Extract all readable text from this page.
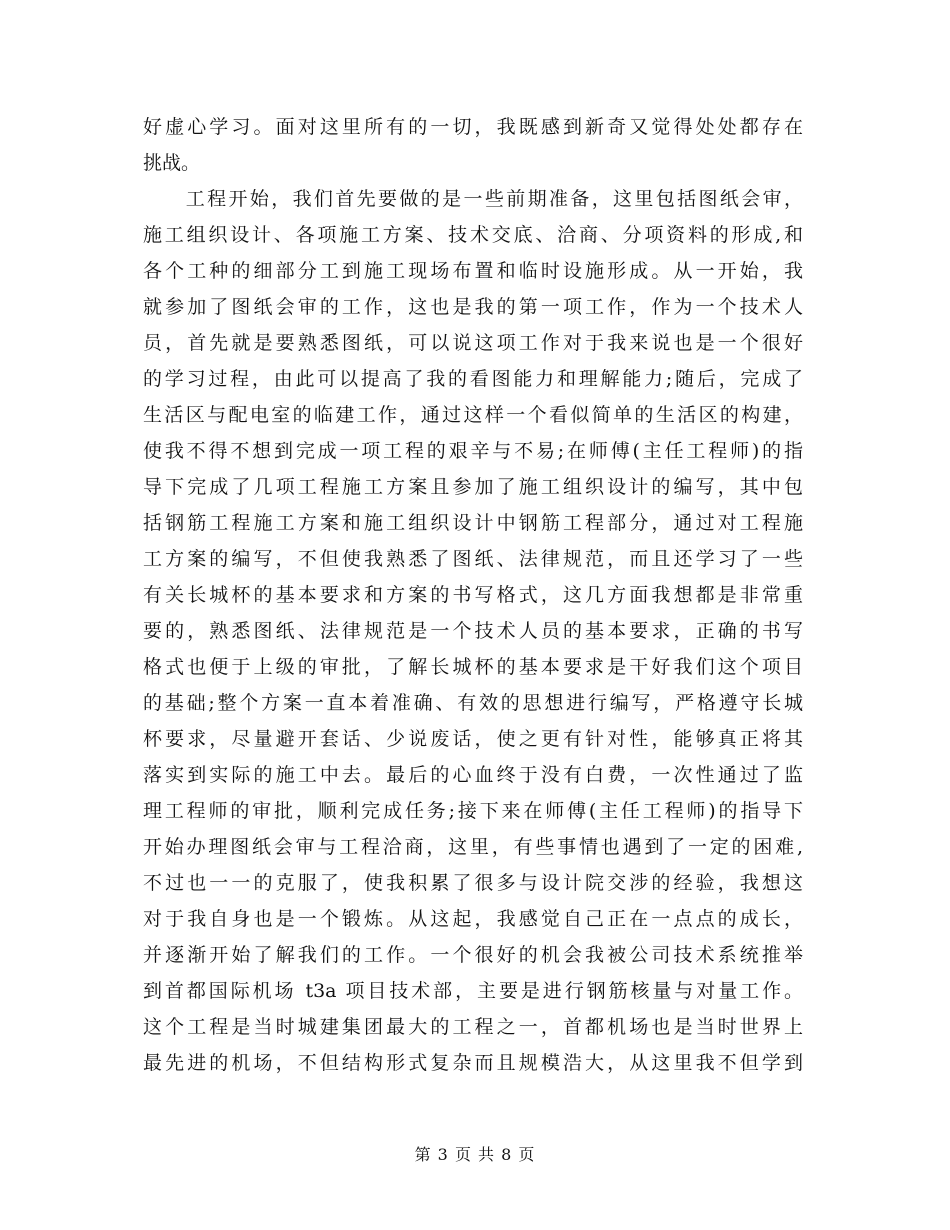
好虚心学习。面对这里所有的一切，我既感到新奇又觉得处处都存在
挑战。
　　工程开始，我们首先要做的是一些前期准备，这里包括图纸会审，
施工组织设计、各项施工方案、技术交底、洽商、分项资料的形成,和
各个工种的细部分工到施工现场布置和临时设施形成。从一开始，我
就参加了图纸会审的工作，这也是我的第一项工作，作为一个技术人
员，首先就是要熟悉图纸，可以说这项工作对于我来说也是一个很好
的学习过程，由此可以提高了我的看图能力和理解能力;随后，完成了
生活区与配电室的临建工作，通过这样一个看似简单的生活区的构建，
使我不得不想到完成一项工程的艰辛与不易;在师傅(主任工程师)的指
导下完成了几项工程施工方案且参加了施工组织设计的编写，其中包
括钢筋工程施工方案和施工组织设计中钢筋工程部分，通过对工程施
工方案的编写，不但使我熟悉了图纸、法律规范，而且还学习了一些
有关长城杯的基本要求和方案的书写格式，这几方面我想都是非常重
要的，熟悉图纸、法律规范是一个技术人员的基本要求，正确的书写
格式也便于上级的审批，了解长城杯的基本要求是干好我们这个项目
的基础;整个方案一直本着准确、有效的思想进行编写，严格遵守长城
杯要求，尽量避开套话、少说废话，使之更有针对性，能够真正将其
落实到实际的施工中去。最后的心血终于没有白费，一次性通过了监
理工程师的审批，顺利完成任务;接下来在师傅(主任工程师)的指导下
开始办理图纸会审与工程洽商，这里，有些事情也遇到了一定的困难,
不过也一一的克服了，使我积累了很多与设计院交涉的经验，我想这
对于我自身也是一个锻炼。从这起，我感觉自己正在一点点的成长，
并逐渐开始了解我们的工作。一个很好的机会我被公司技术系统推举
到首都国际机场 t3a 项目技术部，主要是进行钢筋核量与对量工作。
这个工程是当时城建集团最大的工程之一，首都机场也是当时世界上
最先进的机场，不但结构形式复杂而且规模浩大，从这里我不但学到
第 3 页 共 8 页
